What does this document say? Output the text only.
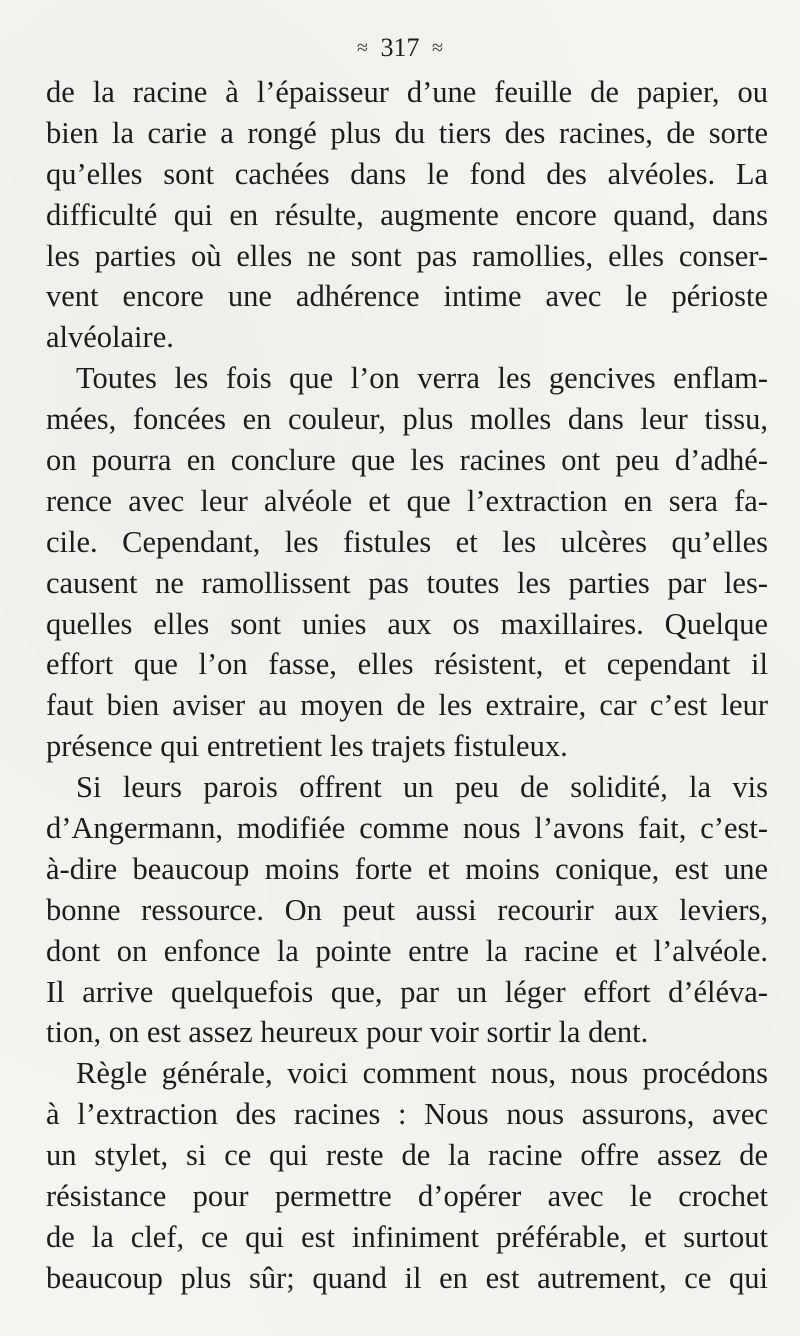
≈ 317 ≈
de la racine à l’épaisseur d’une feuille de papier, ou
bien la carie a rongé plus du tiers des racines, de sorte
qu’elles sont cachées dans le fond des alvéoles. La
difficulté qui en résulte, augmente encore quand, dans
les parties où elles ne sont pas ramollies, elles conser-
vent encore une adhérence intime avec le périoste
alvéolaire.
Toutes les fois que l’on verra les gencives enflam-
mées, foncées en couleur, plus molles dans leur tissu,
on pourra en conclure que les racines ont peu d’adhé-
rence avec leur alvéole et que l’extraction en sera fa-
cile. Cependant, les fistules et les ulcères qu’elles
causent ne ramollissent pas toutes les parties par les-
quelles elles sont unies aux os maxillaires. Quelque
effort que l’on fasse, elles résistent, et cependant il
faut bien aviser au moyen de les extraire, car c’est leur
présence qui entretient les trajets fistuleux.
Si leurs parois offrent un peu de solidité, la vis
d’Angermann, modifiée comme nous l’avons fait, c’est-
à-dire beaucoup moins forte et moins conique, est une
bonne ressource. On peut aussi recourir aux leviers,
dont on enfonce la pointe entre la racine et l’alvéole.
Il arrive quelquefois que, par un léger effort d’éléva-
tion, on est assez heureux pour voir sortir la dent.
Règle générale, voici comment nous, nous procédons
à l’extraction des racines : Nous nous assurons, avec
un stylet, si ce qui reste de la racine offre assez de
résistance pour permettre d’opérer avec le crochet
de la clef, ce qui est infiniment préférable, et surtout
beaucoup plus sûr; quand il en est autrement, ce qui
